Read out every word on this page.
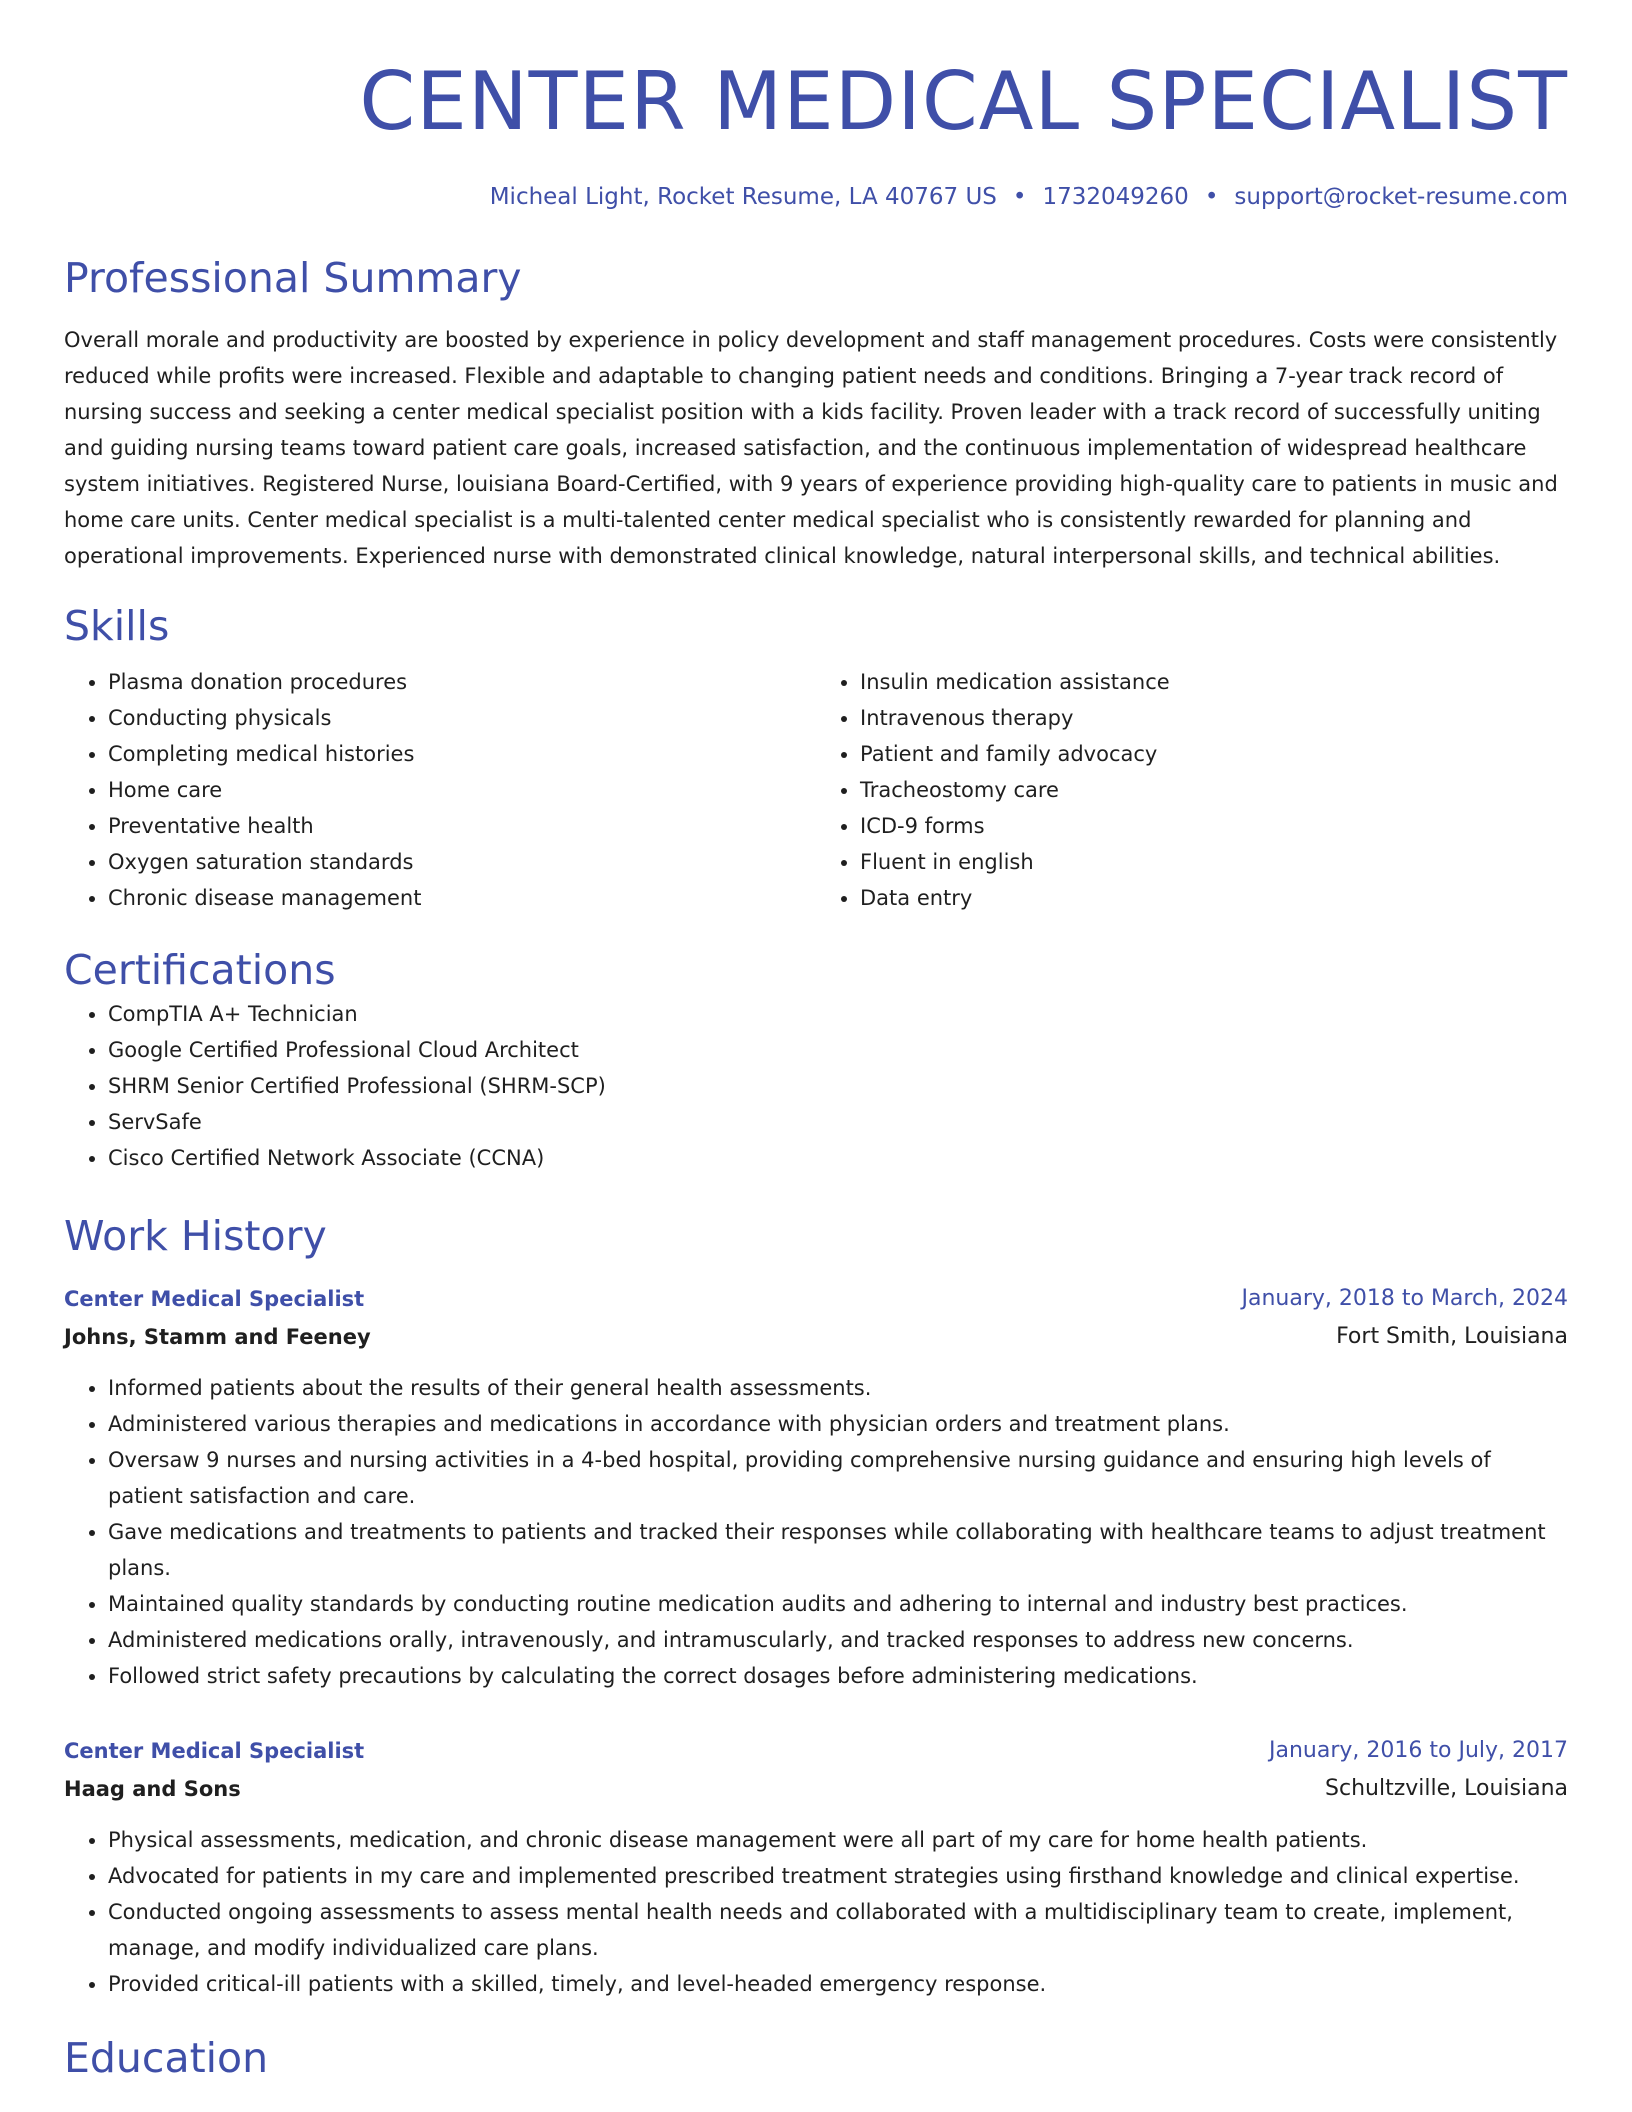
CENTER MEDICAL SPECIALIST
Micheal Light, Rocket Resume, LA 40767 US • 1732049260 • support@rocket-resume.com
Professional Summary

Overall morale and productivity are boosted by experience in policy development and staff management procedures. Costs were consistently reduced while profits were increased. Flexible and adaptable to changing patient needs and conditions. Bringing a 7-year track record of nursing success and seeking a center medical specialist position with a kids facility. Proven leader with a track record of successfully uniting and guiding nursing teams toward patient care goals, increased satisfaction, and the continuous implementation of widespread healthcare system initiatives. Registered Nurse, louisiana Board-Certified, with 9 years of experience providing high-quality care to patients in music and home care units. Center medical specialist is a multi-talented center medical specialist who is consistently rewarded for planning and operational improvements. Experienced nurse with demonstrated clinical knowledge, natural interpersonal skills, and technical abilities.

Skills
• Plasma donation procedures
• Conducting physicals
• Completing medical histories
• Home care
• Preventative health
• Oxygen saturation standards
• Chronic disease management
• Insulin medication assistance
• Intravenous therapy
• Patient and family advocacy
• Tracheostomy care
• ICD-9 forms
• Fluent in english
• Data entry
Certifications
• CompTIA A+ Technician
• Google Certified Professional Cloud Architect
• SHRM Senior Certified Professional (SHRM-SCP)
• ServSafe
• Cisco Certified Network Associate (CCNA)
Work History
Center Medical Specialist	January, 2018 to March, 2024
Johns, Stamm and Feeney	Fort Smith, Louisiana
• Informed patients about the results of their general health assessments.
• Administered various therapies and medications in accordance with physician orders and treatment plans.
• Oversaw 9 nurses and nursing activities in a 4-bed hospital, providing comprehensive nursing guidance and ensuring high levels of patient satisfaction and care.
• Gave medications and treatments to patients and tracked their responses while collaborating with healthcare teams to adjust treatment plans.
• Maintained quality standards by conducting routine medication audits and adhering to internal and industry best practices.
• Administered medications orally, intravenously, and intramuscularly, and tracked responses to address new concerns.
• Followed strict safety precautions by calculating the correct dosages before administering medications.
Center Medical Specialist	January, 2016 to July, 2017
Haag and Sons	Schultzville, Louisiana
• Physical assessments, medication, and chronic disease management were all part of my care for home health patients.
• Advocated for patients in my care and implemented prescribed treatment strategies using firsthand knowledge and clinical expertise.
• Conducted ongoing assessments to assess mental health needs and collaborated with a multidisciplinary team to create, implement, manage, and modify individualized care plans.
• Provided critical-ill patients with a skilled, timely, and level-headed emergency response.
Education
